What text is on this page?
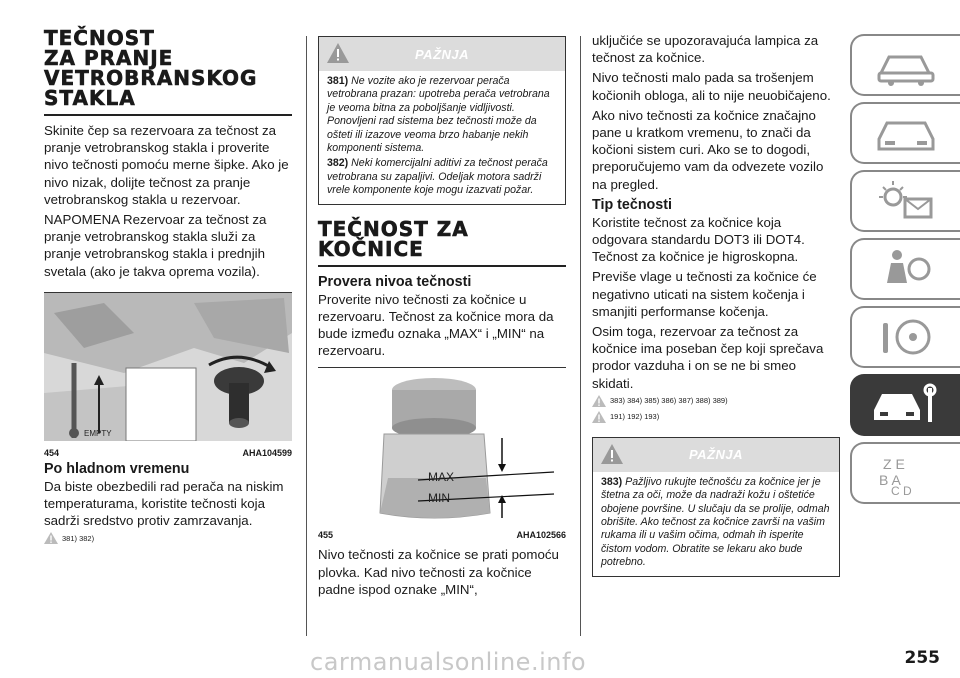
TEČNOST
ZA PRANJE
VETROBRANSKOG
STAKLA

Skinite čep sa rezervoara za tečnost za pranje vetrobranskog stakla i proverite nivo tečnosti pomoću merne šipke. Ako je nivo nizak, dolijte tečnost za pranje vetrobranskog stakla u rezervoar.

NAPOMENA Rezervoar za tečnost za pranje vetrobranskog stakla služi za pranje vetrobranskog stakla i prednjih svetala (ako je takva oprema vozila).

EMPTY
454	AHA104599
Po hladnom vremenu

Da biste obezbedili rad perača na niskim temperaturama, koristite tečnosti koja sadrži sredstvo protiv zamrzavanja.

381) 382)
PAŽNJA
381) Ne vozite ako je rezervoar perača vetrobrana prazan: upotreba perača vetrobrana je veoma bitna za poboljšanje vidljivosti. Ponovljeni rad sistema bez tečnosti može da ošteti ili izazove veoma brzo habanje nekih komponenti sistema.
382) Neki komercijalni aditivi za tečnost perača vetrobrana su zapaljivi. Odeljak motora sadrži vrele komponente koje mogu izazvati požar.
TEČNOST ZA
KOČNICE
Provera nivoa tečnosti

Proverite nivo tečnosti za kočnice u rezervoaru. Tečnost za kočnice mora da bude između oznaka „MAX“ i „MIN“ na rezervoaru.

MAX
MIN
455	AHA102566

Nivo tečnosti za kočnice se prati pomoću plovka. Kad nivo tečnosti za kočnice padne ispod oznake „MIN“,

uključiće se upozoravajuća lampica za tečnost za kočnice.

Nivo tečnosti malo pada sa trošenjem kočionih obloga, ali to nije neuobičajeno.

Ako nivo tečnosti za kočnice značajno pane u kratkom vremenu, to znači da kočioni sistem curi. Ako se to dogodi, preporučujemo vam da odvezete vozilo na pregled.

Tip tečnosti

Koristite tečnost za kočnice koja odgovara standardu DOT3 ili DOT4. Tečnost za kočnice je higroskopna.

Previše vlage u tečnosti za kočnice će negativno uticati na sistem kočenja i smanjiti performanse kočenja.

Osim toga, rezervoar za tečnost za kočnice ima poseban čep koji sprečava prodor vazduha i on se ne bi smeo skidati.

383) 384) 385) 386) 387) 388) 389)
191) 192) 193)
PAŽNJA
383) Pažljivo rukujte tečnošću za kočnice jer je štetna za oči, može da nadraži kožu i oštetiće obojene površine. U slučaju da se prolije, odmah obrišite. Ako tečnost za kočnice završi na vašim rukama ili u vašim očima, odmah ih isperite čistom vodom. Obratite se lekaru ako bude potrebno.
Z E
B A
C D
carmanualsonline.info	255
